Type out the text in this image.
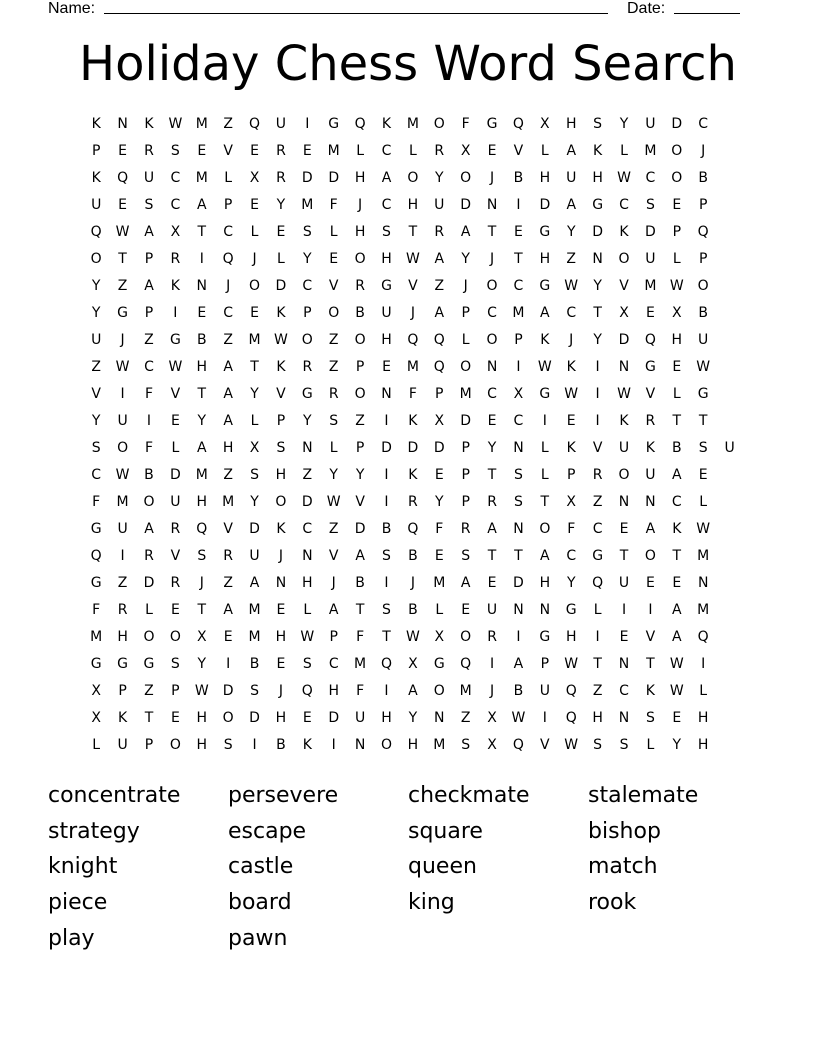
Name:	Date:
Holiday Chess Word Search
K	N	K	W M	Z	Q	U	I	G	Q	K	M	O	F	G	Q	X	H	S	Y	U	D	C
P	E	R	S	E	V	E	R	E	M	L	C	L	R	X	E	V	L	A	K	L	M	O	J
K	Q	U	C	M	L	X	R	D	D	H	A	O	Y	O	J	B	H	U	H	W	C	O	B
U	E	S	C	A	P	E	Y	M	F	J	C	H	U	D	N	I	D	A	G	C	S	E	P
Q W	A	X	T	C	L	E	S	L	H	S	T	R	A	T	E	G	Y	D	K	D	P	Q
O	T	P	R	I	Q	J	L	Y	E	O	H	W	A	Y	J	T	H	Z	N	O	U	L	P
Y	Z	A	K	N	J	O	D	C	V	R	G	V	Z	J	O	C	G	W	Y	V	M W O
Y	G	P	I	E	C	E	K	P	O	B	U	J	A	P	C	M	A	C	T	X	E	X	B
U	J	Z	G	B	Z	M W O	Z	O	H	Q	Q	L	O	P	K	J	Y	D	Q	H	U
Z	W	C	W	H	A	T	K	R	Z	P	E	M	Q	O	N	I	W	K	I	N	G	E	W
V	I	F	V	T	A	Y	V	G	R	O	N	F	P	M	C	X	G	W	I	W	V	L	G
Y	U	I	E	Y	A	L	P	Y	S	Z	I	K	X	D	E	C	I	E	I	K	R	T	T
S	O	F	L	A	H	X	S	N	L	P	D	D	D	P	Y	N	L	K	V	U	K	B	S	U
C	W	B	D	M	Z	S	H	Z	Y	Y	I	K	E	P	T	S	L	P	R	O	U	A	E
F	M	O	U	H	M	Y	O	D	W	V	I	R	Y	P	R	S	T	X	Z	N	N	C	L
G	U	A	R	Q	V	D	K	C	Z	D	B	Q	F	R	A	N	O	F	C	E	A	K	W
Q	I	R	V	S	R	U	J	N	V	A	S	B	E	S	T	T	A	C	G	T	O	T	M
G	Z	D	R	J	Z	A	N	H	J	B	I	J	M	A	E	D	H	Y	Q	U	E	E	N
F	R	L	E	T	A	M	E	L	A	T	S	B	L	E	U	N	N	G	L	I	I	A	M
M	H	O	O	X	E	M	H	W	P	F	T	W	X	O	R	I	G	H	I	E	V	A	Q
G	G	G	S	Y	I	B	E	S	C	M	Q	X	G	Q	I	A	P	W	T	N	T	W	I
X	P	Z	P	W	D	S	J	Q	H	F	I	A	O	M	J	B	U	Q	Z	C	K	W	L
X	K	T	E	H	O	D	H	E	D	U	H	Y	N	Z	X	W	I	Q	H	N	S	E	H
L	U	P	O	H	S	I	B	K	I	N	O	H	M	S	X	Q	V	W	S	S	L	Y	H
concentrate	persevere	checkmate	stalemate
strategy	escape	square	bishop
knight	castle	queen	match
piece	board	king	rook
play	pawn
